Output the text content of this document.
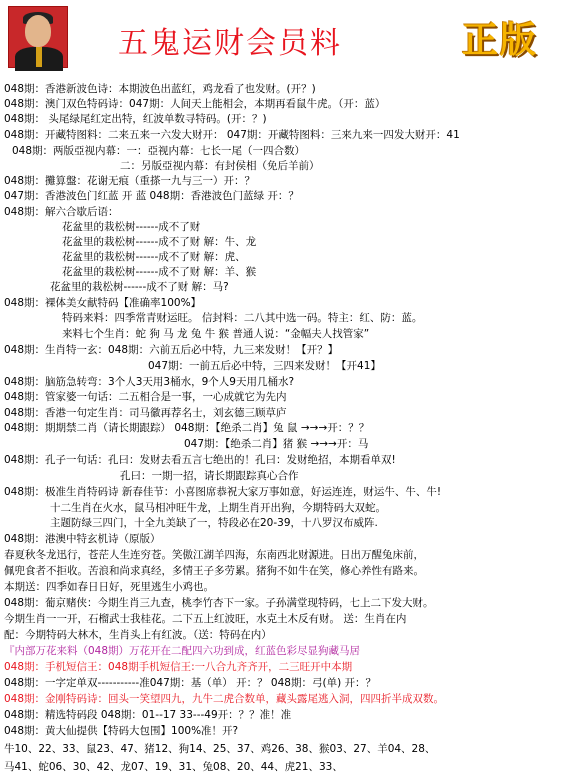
五鬼运财会员料	正版
048期：香港新波色诗：本期波色出蓝红，鸡龙看了也发财。(开？)
048期：澳门双色特码诗：047期：人间天上能相会，本期再看鼠牛虎。（开：蓝）
048期： 头尾绿尾红定出特，红波单数寻特码。(开：？)
048期：开藏特图料：二来五来一六发大财开： 047期：开藏特图料：三来九来一四发大财开：41
048期：两版亞视内幕：一：亞视内幕：七长一尾（一四合数）
二：另版亞视内幕：有封侯相（免后羊前）
048期：攤算盤：花谢无痕（重搽一九与三一）开：？
047期：香港波色门红蓝 开 蓝 048期：香港波色门蓝绿 开：？
048期：解六合歇后语：
花盆里的栽松树------成不了财
花盆里的栽松树------成不了财 解：牛、龙
花盆里的栽松树------成不了财 解：虎、
花盆里的栽松树------成不了财 解：羊、猴
花盆里的栽松树------成不了财 解：马?
048期：裸体美女献特码【准确率100%】
特码来料：四季常青财运旺。 信封料：二八其中选一码。特主：红、防：蓝。
来料七个生肖：蛇 狗 马 龙 兔 牛 猴 普通人说：“金幅夫人找管家”
048期：生肖特一玄：048期：六前五后必中特，九三来发财！【开？】
047期：一前五后必中特，三四来发财！【开41】
048期：脑筋急转弯：3个人3天用3桶水，9个人9天用几桶水?
048期：管家婆一句话：二五相合是一事，一心成就它为先内
048期：香港一句定生肖：司马徽再荐名士，刘玄德三顾草庐
048期：期期禁二肖（请长期跟踪） 048期：【绝杀二肖】兔 鼠 →→→开：？？
047期：【绝杀二肖】猪 猴 →→→开：马
048期：孔子一句话：孔曰：发财去看五言七绝出的！孔曰：发财绝招，本期看单双!
孔曰：一期一招，请长期跟踪真心合作
048期：极准生肖特码诗 新春佳节：小喜图席恭祝大家万事如意，好运连连，财运牛、牛、牛!
十二生肖在火水，鼠马相冲旺牛龙，上期生肖开出狗，今期特码大双蛇。
主题防绿三四门，十全九美缺了一，特段必在20-39，十八罗汉布威阵.
048期：港澳中特玄机诗（原版）
春夏秋冬龙迅行，苍茫人生连穷苍。笑傲江湖羊四海，东南西北财源进。日出万醒兔床前，
佩兜食者不拒收。苦浪和尚求真经，多情王子多劳累。猪狗不如牛在笑，修心养性有路来。
本期送：四季如春日日好，死里逃生小鸡也。
048期：葡京赌侠：今期生肖三九查，桃李竹杏下一家。子孙满堂现特码，七上二下发大财。
今期生肖一一开，石榴武士我桂花。二下五上红波旺，水克土木反有财。 送：生肖在内
配：今期特码大林木，生肖头上有红波。（送：特码在内）
『内部万花来料（048期）万花开在二配四六功到成，红蓝色彩尽显狗藏马居
048期：手机短信王：048期手机短信王:一八合九齐齐开，二三旺开中本期
048期：一字定单双-----------准047期：基（单） 开：？ 048期：弓(单) 开：？
048期：金刚特码诗：回头一笑望四九，九牛二虎合数单，藏头露尾逃入洞，四四折半成双数。
048期：精选特码段 048期：01--17 33---49开：？？准！准
048期：黄大仙提供【特码大包围】100%准！开?
牛10、22、33、鼠23、47、猪12、狗14、25、37、鸡26、38、猴03、27、羊04、28、
马41、蛇06、30、42、龙07、19、31、兔08、20、44、虎21、33、
